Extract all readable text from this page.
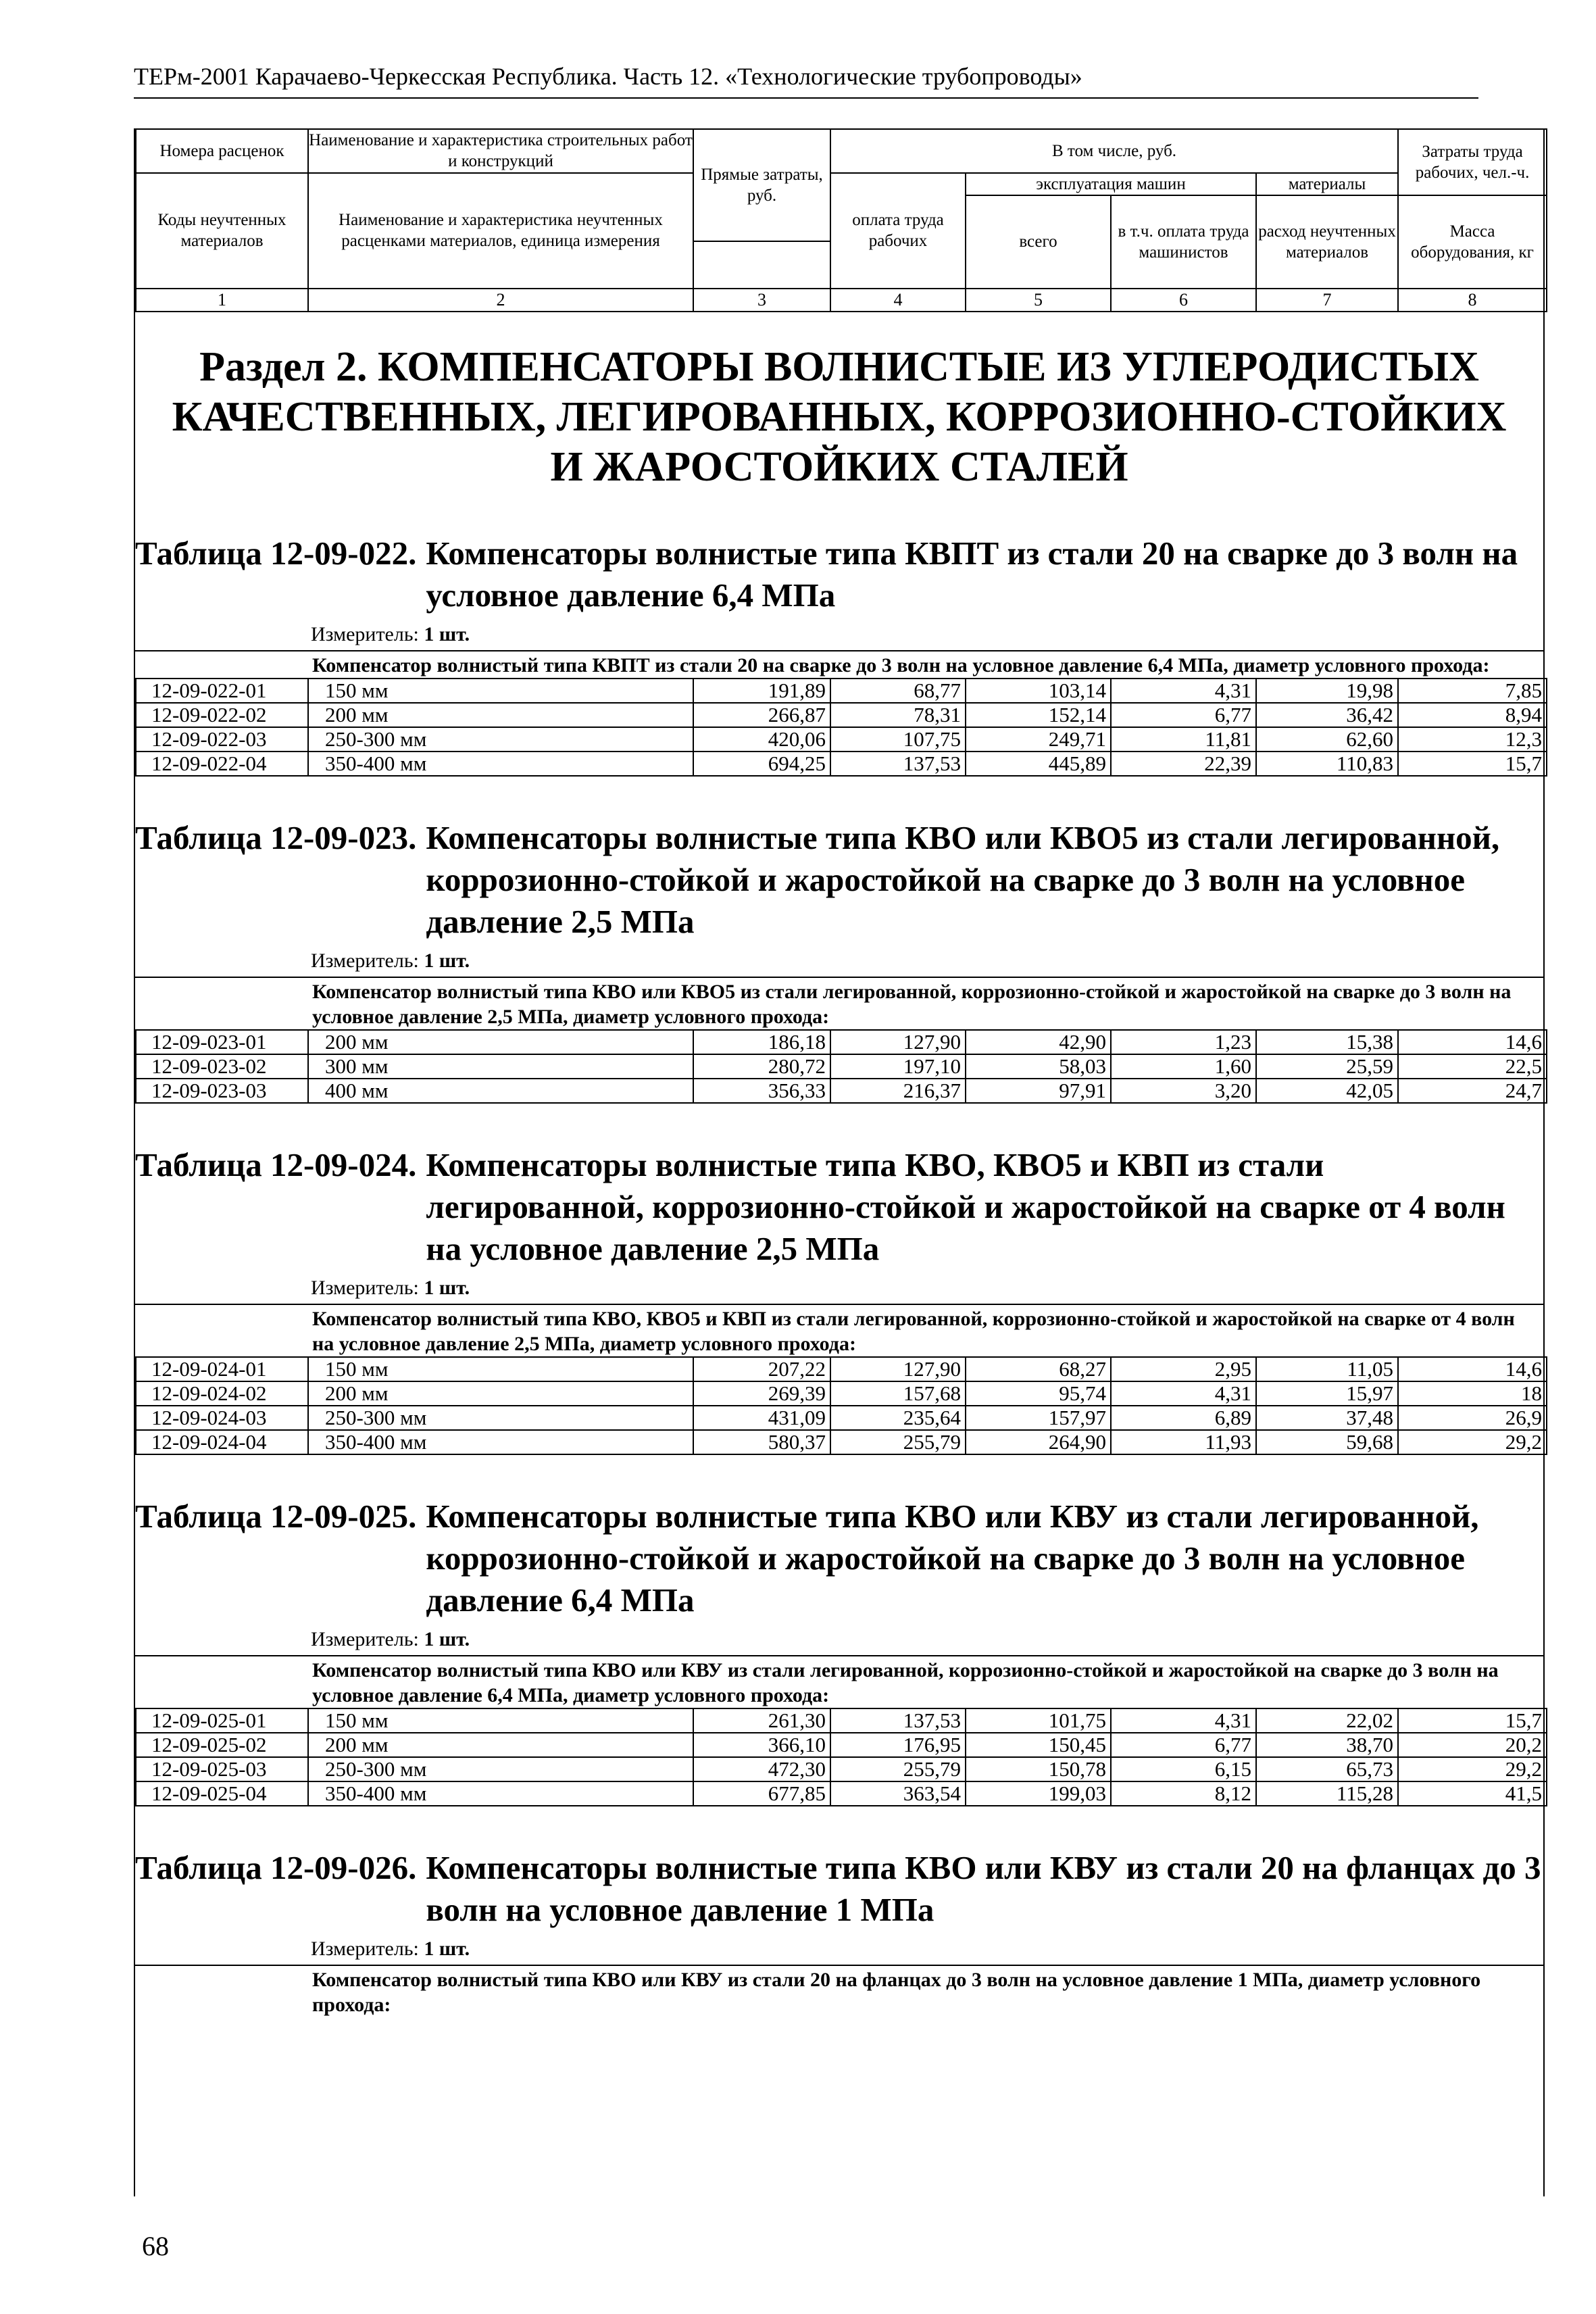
ТЕРм-2001 Карачаево-Черкесская Республика. Часть 12. «Технологические трубопроводы»
Номера расценок	Наименование и характеристика строительных работ и конструкций	Прямые затраты, руб.	В том числе, руб.				Затраты труда рабочих, чел.-ч.
Коды неучтенных материалов	Наименование и характеристика неучтенных расценками материалов, единица измерения		оплата труда рабочих	эксплуатация машин		материалы	
				всего	в т.ч. оплата труда машинистов	расход неучтенных материалов	Масса оборудования, кг

1	2	3	4	5	6	7	8
Раздел 2. КОМПЕНСАТОРЫ ВОЛНИСТЫЕ ИЗ УГЛЕРОДИСТЫХ КАЧЕСТВЕННЫХ, ЛЕГИРОВАННЫХ, КОРРОЗИОННО-СТОЙКИХ И ЖАРОСТОЙКИХ СТАЛЕЙ
Таблица 12-09-022. Компенсаторы волнистые типа КВПТ из стали 20 на сварке до 3 волн на условное давление 6,4 МПа
Измеритель: 1 шт.
Компенсатор волнистый типа КВПТ из стали 20 на сварке до 3 волн на условное давление 6,4 МПа, диаметр условного прохода:
12-09-022-01	150 мм	191,89	68,77	103,14	4,31	19,98	7,85
12-09-022-02	200 мм	266,87	78,31	152,14	6,77	36,42	8,94
12-09-022-03	250-300 мм	420,06	107,75	249,71	11,81	62,60	12,3
12-09-022-04	350-400 мм	694,25	137,53	445,89	22,39	110,83	15,7
Таблица 12-09-023. Компенсаторы волнистые типа КВО или КВО5 из стали легированной, коррозионно-стойкой и жаростойкой на сварке до 3 волн на условное давление 2,5 МПа
Измеритель: 1 шт.
Компенсатор волнистый типа КВО или КВО5 из стали легированной, коррозионно-стойкой и жаростойкой на сварке до 3 волн на условное давление 2,5 МПа, диаметр условного прохода:
12-09-023-01	200 мм	186,18	127,90	42,90	1,23	15,38	14,6
12-09-023-02	300 мм	280,72	197,10	58,03	1,60	25,59	22,5
12-09-023-03	400 мм	356,33	216,37	97,91	3,20	42,05	24,7
Таблица 12-09-024. Компенсаторы волнистые типа КВО, КВО5 и КВП из стали легированной, коррозионно-стойкой и жаростойкой на сварке от 4 волн на условное давление 2,5 МПа
Измеритель: 1 шт.
Компенсатор волнистый типа КВО, КВО5 и КВП из стали легированной, коррозионно-стойкой и жаростойкой на сварке от 4 волн на условное давление 2,5 МПа, диаметр условного прохода:
12-09-024-01	150 мм	207,22	127,90	68,27	2,95	11,05	14,6
12-09-024-02	200 мм	269,39	157,68	95,74	4,31	15,97	18
12-09-024-03	250-300 мм	431,09	235,64	157,97	6,89	37,48	26,9
12-09-024-04	350-400 мм	580,37	255,79	264,90	11,93	59,68	29,2
Таблица 12-09-025. Компенсаторы волнистые типа КВО или КВУ из стали легированной, коррозионно-стойкой и жаростойкой на сварке до 3 волн на условное давление 6,4 МПа
Измеритель: 1 шт.
Компенсатор волнистый типа КВО или КВУ из стали легированной, коррозионно-стойкой и жаростойкой на сварке до 3 волн на условное давление 6,4 МПа, диаметр условного прохода:
12-09-025-01	150 мм	261,30	137,53	101,75	4,31	22,02	15,7
12-09-025-02	200 мм	366,10	176,95	150,45	6,77	38,70	20,2
12-09-025-03	250-300 мм	472,30	255,79	150,78	6,15	65,73	29,2
12-09-025-04	350-400 мм	677,85	363,54	199,03	8,12	115,28	41,5
Таблица 12-09-026. Компенсаторы волнистые типа КВО или КВУ из стали 20 на фланцах до 3 волн на условное давление 1 МПа
Измеритель: 1 шт.
Компенсатор волнистый типа КВО или КВУ из стали 20 на фланцах до 3 волн на условное давление 1 МПа, диаметр условного прохода:
68
